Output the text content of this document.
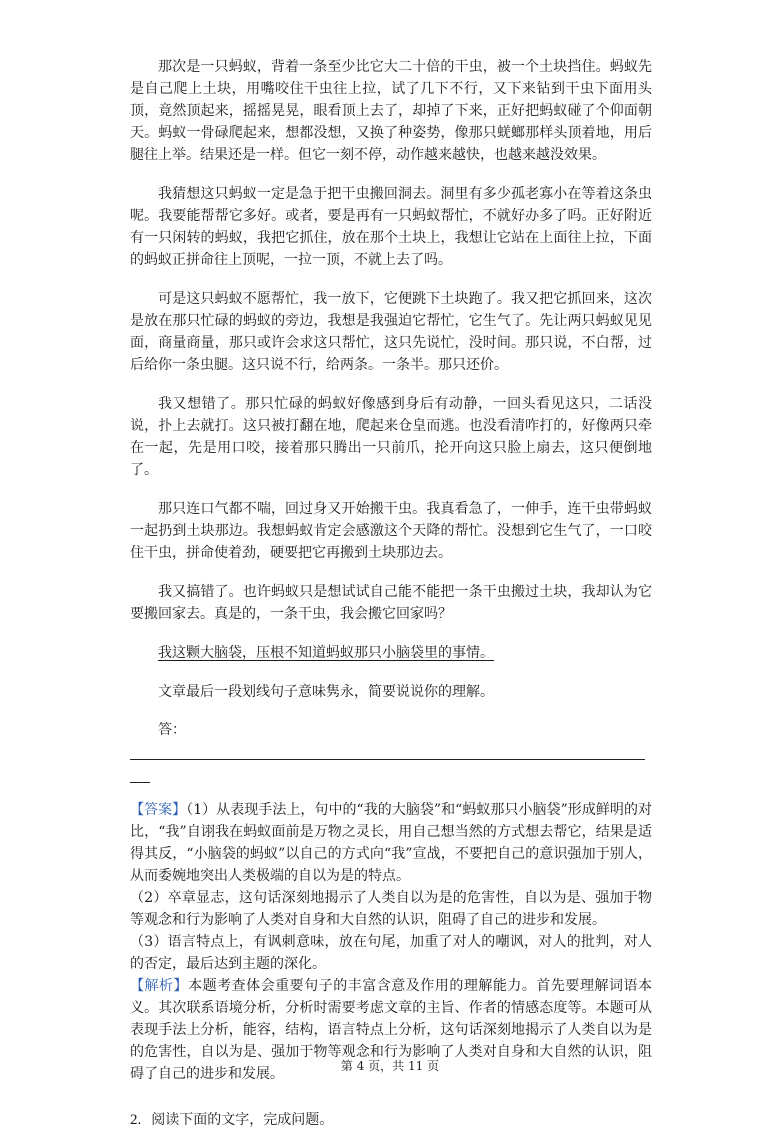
那次是一只蚂蚁，背着一条至少比它大二十倍的干虫，被一个土块挡住。蚂蚁先是自己爬上土块，用嘴咬住干虫往上拉，试了几下不行，又下来钻到干虫下面用头顶，竟然顶起来，摇摇晃晃，眼看顶上去了，却掉了下来，正好把蚂蚁碰了个仰面朝天。蚂蚁一骨碌爬起来，想都没想，又换了种姿势，像那只蜣螂那样头顶着地，用后腿往上举。结果还是一样。但它一刻不停，动作越来越快，也越来越没效果。

我猜想这只蚂蚁一定是急于把干虫搬回洞去。洞里有多少孤老寡小在等着这条虫呢。我要能帮帮它多好。或者，要是再有一只蚂蚁帮忙，不就好办多了吗。正好附近有一只闲转的蚂蚁，我把它抓住，放在那个土块上，我想让它站在上面往上拉，下面的蚂蚁正拼命往上顶呢，一拉一顶，不就上去了吗。

可是这只蚂蚁不愿帮忙，我一放下，它便跳下土块跑了。我又把它抓回来，这次是放在那只忙碌的蚂蚁的旁边，我想是我强迫它帮忙，它生气了。先让两只蚂蚁见见面，商量商量，那只或许会求这只帮忙，这只先说忙，没时间。那只说，不白帮，过后给你一条虫腿。这只说不行，给两条。一条半。那只还价。

我又想错了。那只忙碌的蚂蚁好像感到身后有动静，一回头看见这只，二话没说，扑上去就打。这只被打翻在地，爬起来仓皇而逃。也没看清咋打的，好像两只牵在一起，先是用口咬，接着那只腾出一只前爪，抡开向这只脸上扇去，这只便倒地了。

那只连口气都不喘，回过身又开始搬干虫。我真看急了，一伸手，连干虫带蚂蚁一起扔到土块那边。我想蚂蚁肯定会感激这个天降的帮忙。没想到它生气了，一口咬住干虫，拼命使着劲，硬要把它再搬到土块那边去。

我又搞错了。也许蚂蚁只是想试试自己能不能把一条干虫搬过土块，我却认为它要搬回家去。真是的，一条干虫，我会搬它回家吗？

我这颗大脑袋，压根不知道蚂蚁那只小脑袋里的事情。

文章最后一段划线句子意味隽永，简要说说你的理解。

答：

【答案】（1）从表现手法上，句中的“我的大脑袋”和“蚂蚁那只小脑袋”形成鲜明的对比，“我”自诩我在蚂蚁面前是万物之灵长，用自己想当然的方式想去帮它，结果是适得其反，“小脑袋的蚂蚁”以自己的方式向“我”宣战，不要把自己的意识强加于别人，从而委婉地突出人类极端的自以为是的特点。

（2）卒章显志，这句话深刻地揭示了人类自以为是的危害性，自以为是、强加于物等观念和行为影响了人类对自身和大自然的认识，阻碍了自己的进步和发展。

（3）语言特点上，有讽刺意味，放在句尾，加重了对人的嘲讽，对人的批判，对人的否定，最后达到主题的深化。

【解析】本题考查体会重要句子的丰富含意及作用的理解能力。首先要理解词语本义。其次联系语境分析，分析时需要考虑文章的主旨、作者的情感态度等。本题可从表现手法上分析，能容，结构，语言特点上分析，这句话深刻地揭示了人类自以为是的危害性，自以为是、强加于物等观念和行为影响了人类对自身和大自然的认识，阻碍了自己的进步和发展。

2. 阅读下面的文字，完成问题。
第 4 页，共 11 页
